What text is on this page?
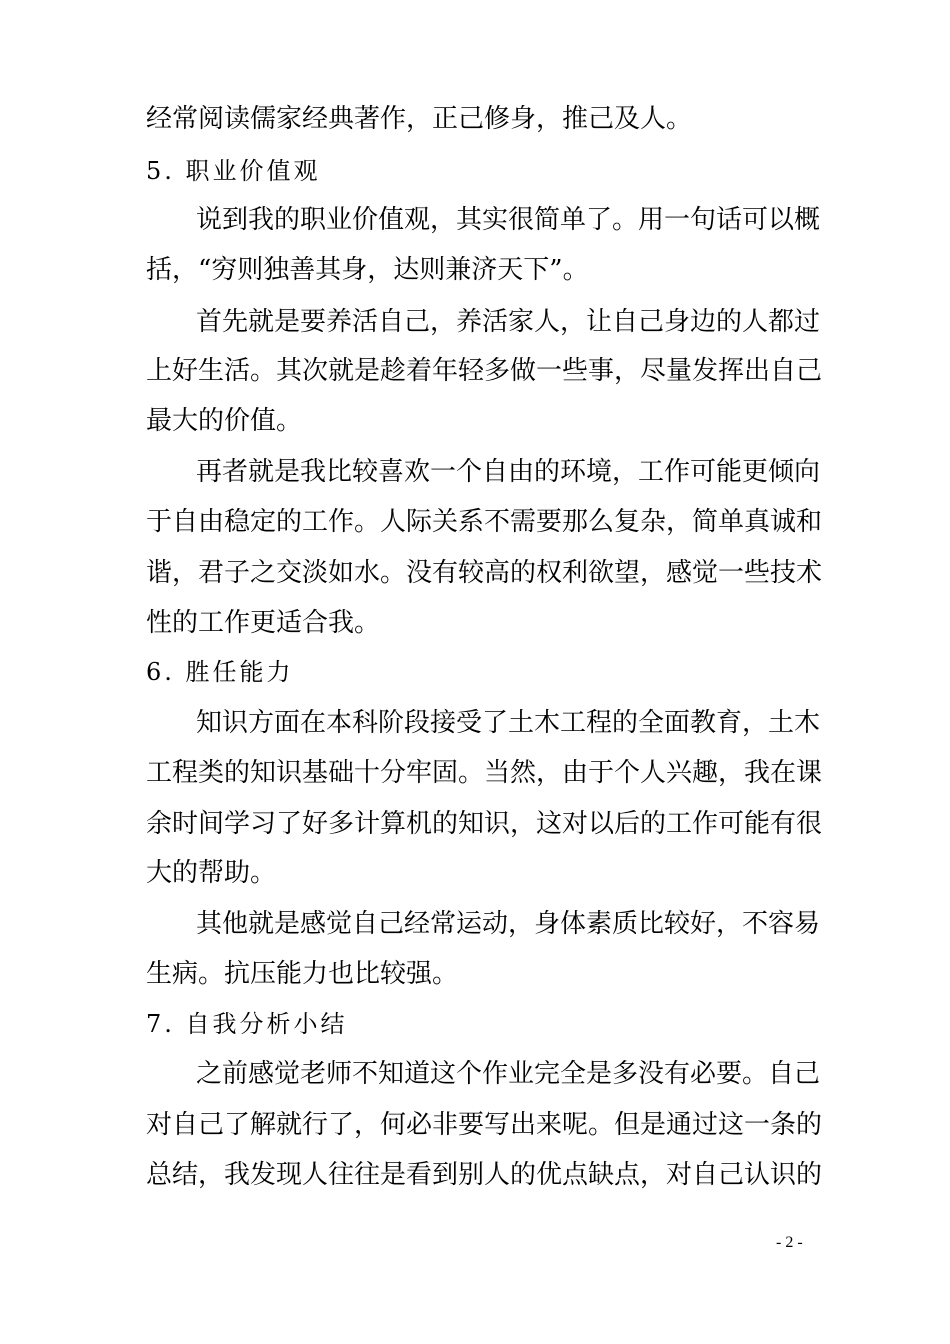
经常阅读儒家经典著作，正己修身，推己及人。
5. 职业价值观
说到我的职业价值观，其实很简单了。用一句话可以概
括，“穷则独善其身，达则兼济天下”。
首先就是要养活自己，养活家人，让自己身边的人都过
上好生活。其次就是趁着年轻多做一些事，尽量发挥出自己
最大的价值。
再者就是我比较喜欢一个自由的环境，工作可能更倾向
于自由稳定的工作。人际关系不需要那么复杂，简单真诚和
谐，君子之交淡如水。没有较高的权利欲望，感觉一些技术
性的工作更适合我。
6. 胜任能力
知识方面在本科阶段接受了土木工程的全面教育，土木
工程类的知识基础十分牢固。当然，由于个人兴趣，我在课
余时间学习了好多计算机的知识，这对以后的工作可能有很
大的帮助。
其他就是感觉自己经常运动，身体素质比较好，不容易
生病。抗压能力也比较强。
7. 自我分析小结
之前感觉老师不知道这个作业完全是多没有必要。自己
对自己了解就行了，何必非要写出来呢。但是通过这一条的
总结，我发现人往往是看到别人的优点缺点，对自己认识的
- 2 -
